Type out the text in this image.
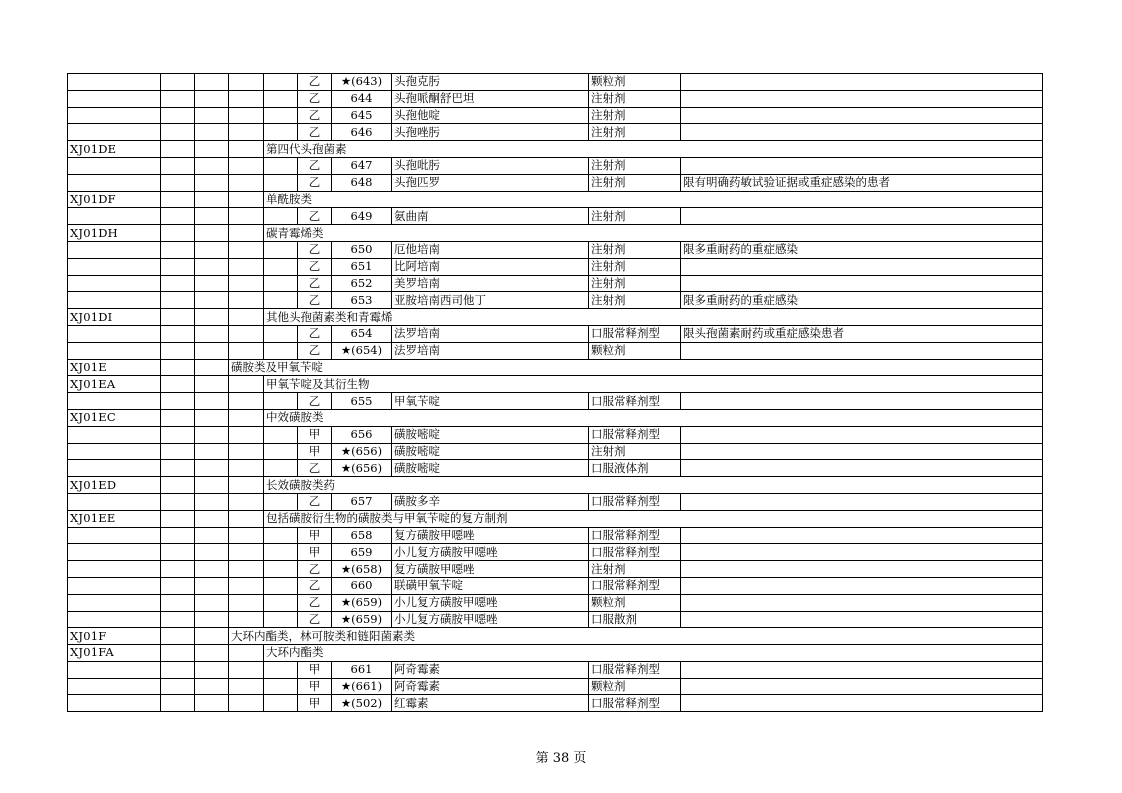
					乙	★(643)	头孢克肟	颗粒剂	
					乙	644	头孢哌酮舒巴坦	注射剂	
					乙	645	头孢他啶	注射剂	
					乙	646	头孢唑肟	注射剂	
XJ01DE				第四代头孢菌素					
					乙	647	头孢吡肟	注射剂	
					乙	648	头孢匹罗	注射剂	限有明确药敏试验证据或重症感染的患者
XJ01DF				单酰胺类					
					乙	649	氨曲南	注射剂	
XJ01DH				碳青霉烯类					
					乙	650	厄他培南	注射剂	限多重耐药的重症感染
					乙	651	比阿培南	注射剂	
					乙	652	美罗培南	注射剂	
					乙	653	亚胺培南西司他丁	注射剂	限多重耐药的重症感染
XJ01DI				其他头孢菌素类和青霉烯					
					乙	654	法罗培南	口服常释剂型	限头孢菌素耐药或重症感染患者
					乙	★(654)	法罗培南	颗粒剂	
XJ01E			磺胺类及甲氧苄啶						
XJ01EA				甲氧苄啶及其衍生物					
					乙	655	甲氧苄啶	口服常释剂型	
XJ01EC				中效磺胺类					
					甲	656	磺胺嘧啶	口服常释剂型	
					甲	★(656)	磺胺嘧啶	注射剂	
					乙	★(656)	磺胺嘧啶	口服液体剂	
XJ01ED				长效磺胺类药					
					乙	657	磺胺多辛	口服常释剂型	
XJ01EE				包括磺胺衍生物的磺胺类与甲氧苄啶的复方制剂					
					甲	658	复方磺胺甲噁唑	口服常释剂型	
					甲	659	小儿复方磺胺甲噁唑	口服常释剂型	
					乙	★(658)	复方磺胺甲噁唑	注射剂	
					乙	660	联磺甲氧苄啶	口服常释剂型	
					乙	★(659)	小儿复方磺胺甲噁唑	颗粒剂	
					乙	★(659)	小儿复方磺胺甲噁唑	口服散剂	
XJ01F			大环内酯类，林可胺类和链阳菌素类						
XJ01FA				大环内酯类					
					甲	661	阿奇霉素	口服常释剂型	
					甲	★(661)	阿奇霉素	颗粒剂	
					甲	★(502)	红霉素	口服常释剂型	
第 38 页
